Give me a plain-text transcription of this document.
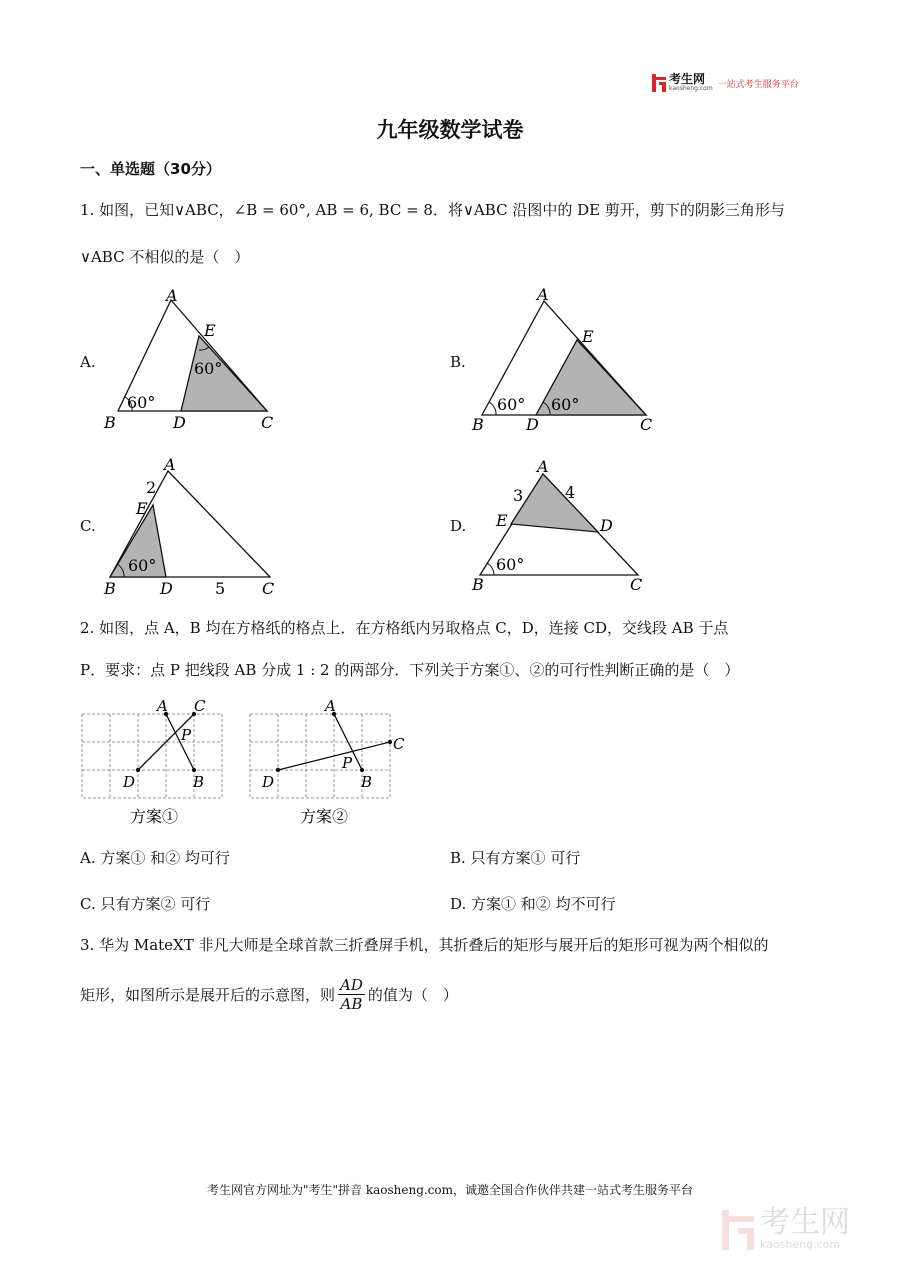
考生网
kaosheng.com 一站式考生服务平台
九年级数学试卷
一、单选题（30分）
1. 如图，已知∨ABC，∠B = 60°, AB = 6, BC = 8．将∨ABC 沿图中的 DE 剪开，剪下的阴影三角形与
∨ABC 不相似的是（　）
A.
A
E
60°
60°
B	D	C
B.
A
E
60° 60°
B	D	C
C.
A
2
E
60°
B	D	5 C
D.
A
3	4
E	D
60°
B	C
2. 如图，点 A，B 均在方格纸的格点上．在方格纸内另取格点 C，D，连接 CD，交线段 AB 于点
P．要求：点 P 把线段 AB 分成 1 : 2 的两部分．下列关于方案①、②的可行性判断正确的是（　）
A C
P
D	B
方案①
A
C
P
D	B
方案②
A. 方案① 和② 均可行	B. 只有方案① 可行
C. 只有方案② 可行	D. 方案① 和② 均不可行
3. 华为 MateXT 非凡大师是全球首款三折叠屏手机，其折叠后的矩形与展开后的矩形可视为两个相似的
矩形，如图所示是展开后的示意图，则 $\frac{AD}{AB}$ 的值为（　）
考生网官方网址为"考生"拼音 kaosheng.com，诚邀全国合作伙伴共建一站式考生服务平台
考生网
kaosheng.com
